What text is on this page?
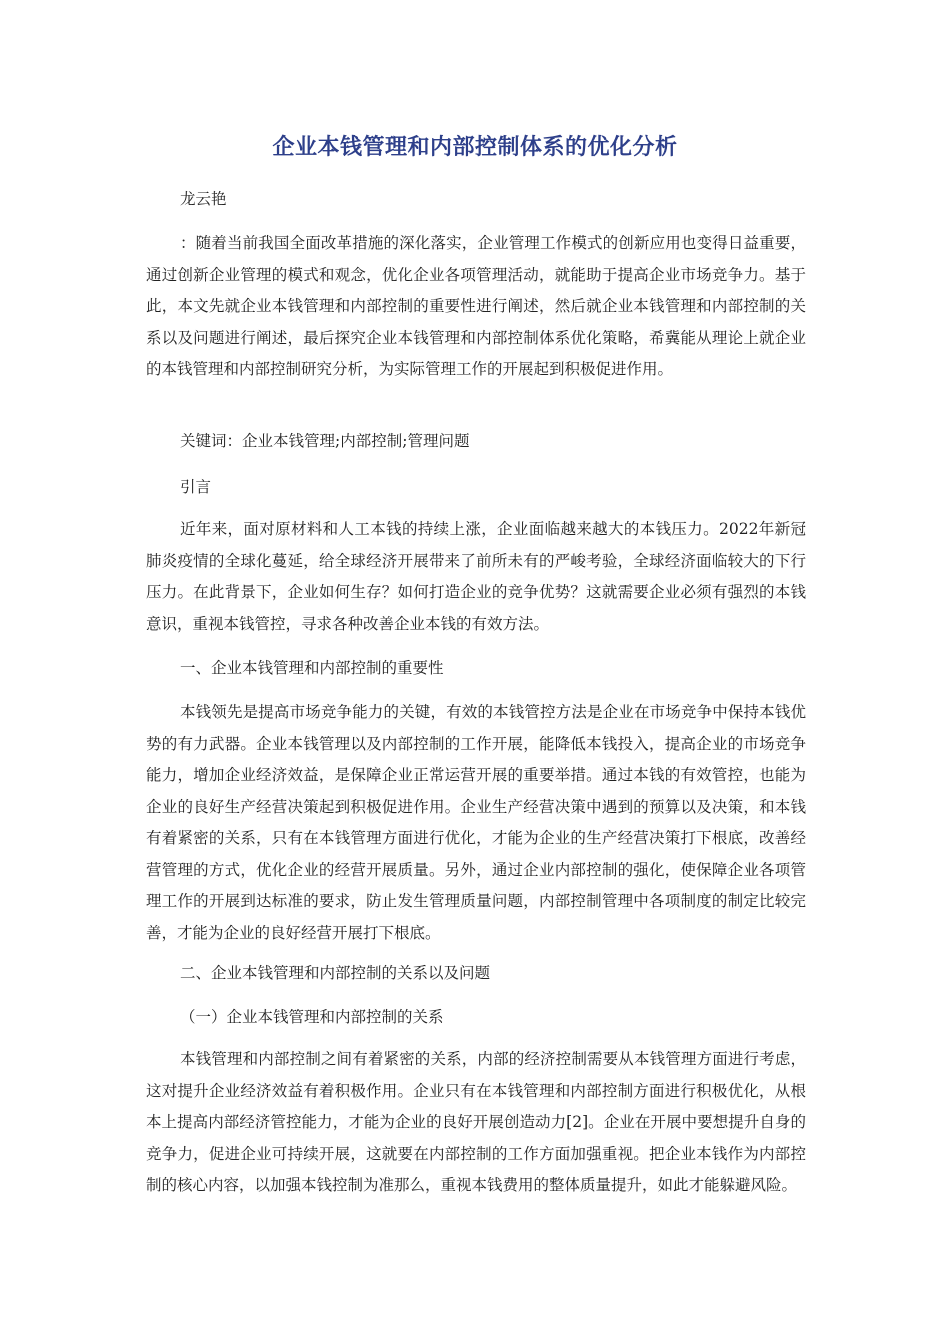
企业本钱管理和内部控制体系的优化分析

龙云艳

：随着当前我国全面改革措施的深化落实，企业管理工作模式的创新应用也变得日益重要，通过创新企业管理的模式和观念，优化企业各项管理活动，就能助于提高企业市场竞争力。基于此，本文先就企业本钱管理和内部控制的重要性进行阐述，然后就企业本钱管理和内部控制的关系以及问题进行阐述，最后探究企业本钱管理和内部控制体系优化策略，希冀能从理论上就企业的本钱管理和内部控制研究分析，为实际管理工作的开展起到积极促进作用。

关键词：企业本钱管理;内部控制;管理问题

引言

近年来，面对原材料和人工本钱的持续上涨，企业面临越来越大的本钱压力。2022年新冠肺炎疫情的全球化蔓延，给全球经济开展带来了前所未有的严峻考验，全球经济面临较大的下行压力。在此背景下，企业如何生存？如何打造企业的竞争优势？这就需要企业必须有强烈的本钱意识，重视本钱管控，寻求各种改善企业本钱的有效方法。

一、企业本钱管理和内部控制的重要性

本钱领先是提高市场竞争能力的关键，有效的本钱管控方法是企业在市场竞争中保持本钱优势的有力武器。企业本钱管理以及内部控制的工作开展，能降低本钱投入，提高企业的市场竞争能力，增加企业经济效益，是保障企业正常运营开展的重要举措。通过本钱的有效管控，也能为企业的良好生产经营决策起到积极促进作用。企业生产经营决策中遇到的预算以及决策，和本钱有着紧密的关系，只有在本钱管理方面进行优化，才能为企业的生产经营决策打下根底，改善经营管理的方式，优化企业的经营开展质量。另外，通过企业内部控制的强化，使保障企业各项管理工作的开展到达标准的要求，防止发生管理质量问题，内部控制管理中各项制度的制定比较完善，才能为企业的良好经营开展打下根底。

二、企业本钱管理和内部控制的关系以及问题

（一）企业本钱管理和内部控制的关系

本钱管理和内部控制之间有着紧密的关系，内部的经济控制需要从本钱管理方面进行考虑，这对提升企业经济效益有着积极作用。企业只有在本钱管理和内部控制方面进行积极优化，从根本上提高内部经济管控能力，才能为企业的良好开展创造动力[2]。企业在开展中要想提升自身的竞争力，促进企业可持续开展，这就要在内部控制的工作方面加强重视。把企业本钱作为内部控制的核心内容，以加强本钱控制为准那么，重视本钱费用的整体质量提升，如此才能躲避风险。
